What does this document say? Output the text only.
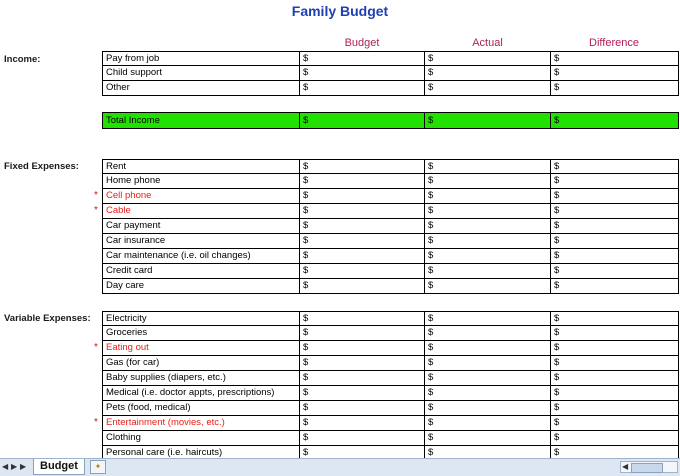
Family Budget
Budget	Actual	Difference
Income:
Fixed Expenses:
Variable Expenses:
Pay from job	$	$	$
Child support	$	$	$
Other	$	$	$
Total Income	$	$	$
Rent	$	$	$
Home phone	$	$	$
Cell phone	$	$	$
*
Cable	$	$	$
*
Car payment	$	$	$
Car insurance	$	$	$
Car maintenance (i.e. oil changes)	$	$	$
Credit card	$	$	$
Day care	$	$	$
Electricity	$	$	$
Groceries	$	$	$
Eating out	$	$	$
*
Gas (for car)	$	$	$
Baby supplies (diapers, etc.)	$	$	$
Medical (i.e. doctor appts, prescriptions)	$	$	$
Pets (food, medical)	$	$	$
Entertainment (movies, etc.)	$	$	$
*
Clothing	$	$	$
Personal care (i.e. haircuts)	$	$	$
◀ ▶ ▶	Budget	✦	◀
